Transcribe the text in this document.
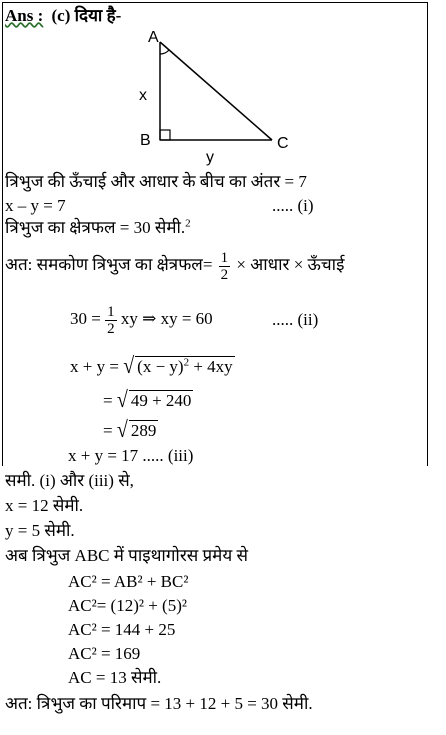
Ans : (c) दिया है-
A
B	C
x
y
त्रिभुज की ऊँचाई और आधार के बीच का अंतर = 7
x – y = 7	..... (i)
त्रिभुज का क्षेत्रफल = 30 सेमी.$^2$
अत: समकोण त्रिभुज का क्षेत्रफल= $\frac{1}{2}$ × आधार × ऊँचाई
$30 = \frac{1}{2}$ xy ⇒ xy = 60	..... (ii)
x + y = √ $(x - y)^2 + 4xy$
= √ 49 + 240
= √ 289
x + y = 17 ..... (iii)
समी. (i) और (iii) से,
x = 12 सेमी.
y = 5 सेमी.
अब त्रिभुज ABC में पाइथागोरस प्रमेय से
AC² = AB² + BC²
AC²= (12)² + (5)²
AC² = 144 + 25
AC² = 169
AC = 13 सेमी.
अत: त्रिभुज का परिमाप = 13 + 12 + 5 = 30 सेमी.
